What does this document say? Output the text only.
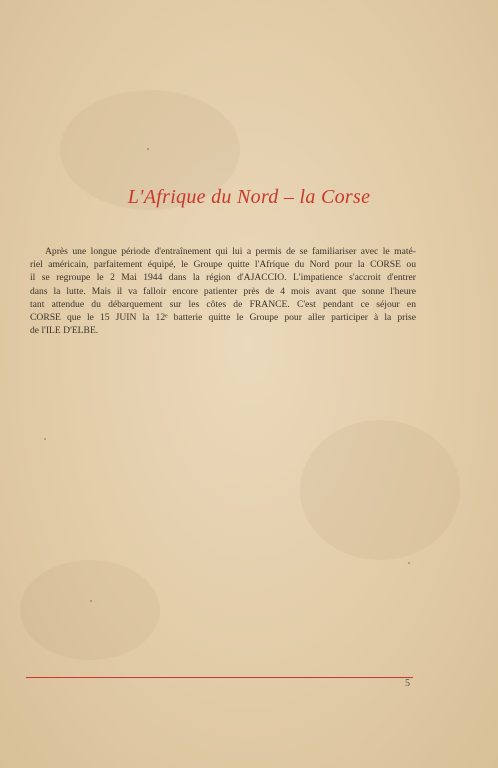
L'Afrique du Nord – la Corse
Après une longue période d'entraînement qui lui a permis de se familiariser avec le maté-
riel américain, parfaitement équipé, le Groupe quitte l'Afrique du Nord pour la CORSE ou
il se regroupe le 2 Mai 1944 dans la région d'AJACCIO. L'impatience s'accroit d'entrer
dans la lutte. Mais il va falloir encore patienter près de 4 mois avant que sonne l'heure
tant attendue du débarquement sur les côtes de FRANCE. C'est pendant ce séjour en
CORSE que le 15 JUIN la 12ᵉ batterie quitte le Groupe pour aller participer à la prise
de l'ILE D'ELBE.
5
